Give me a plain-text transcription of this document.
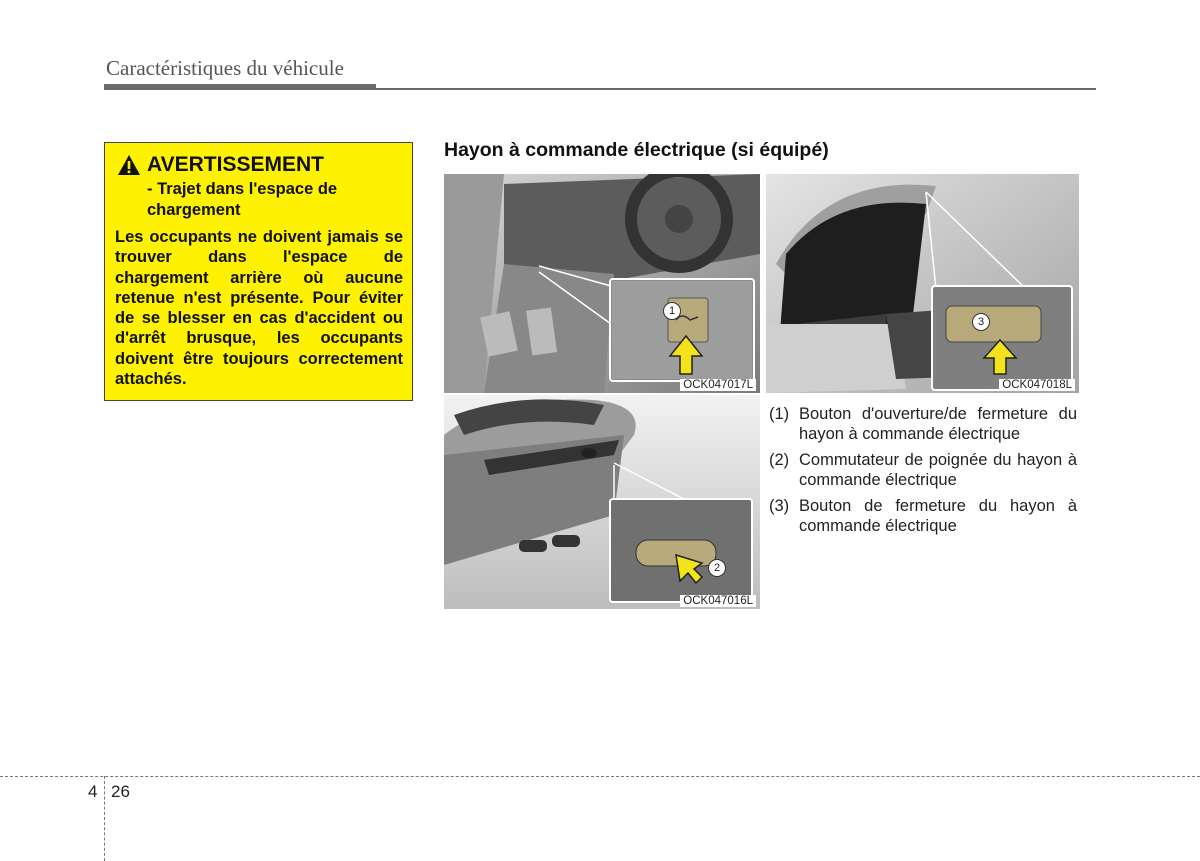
Caractéristiques du véhicule
AVERTISSEMENT
- Trajet dans l'espace de chargement

Les occupants ne doivent jamais se trouver dans l'espace de chargement arrière où aucune retenue n'est présente. Pour éviter de se blesser en cas d'accident ou d'arrêt brusque, les occupants doivent être toujours correctement attachés.

Hayon à commande électrique (si équipé)
1
OCK047017L
3
OCK047018L
2
OCK047016L
(1) Bouton d'ouverture/de fermeture du hayon à commande électrique
(2) Commutateur de poignée du hayon à commande électrique
(3) Bouton de fermeture du hayon à commande électrique
4 26
